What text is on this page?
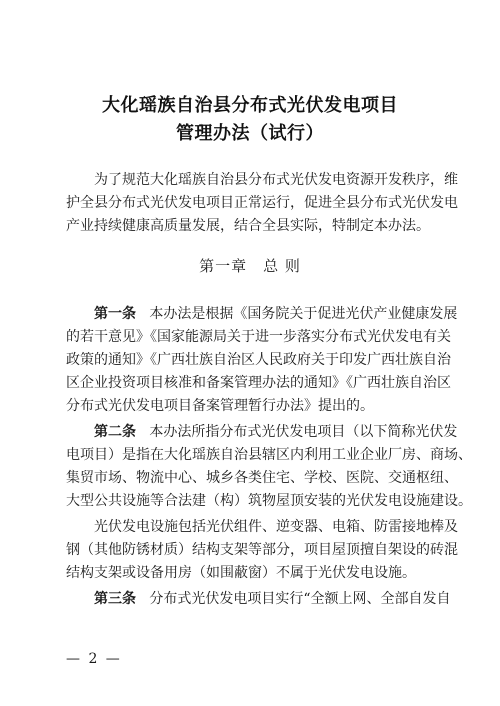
大化瑶族自治县分布式光伏发电项目
管理办法（试行）
为了规范大化瑶族自治县分布式光伏发电资源开发秩序，维
护全县分布式光伏发电项目正常运行，促进全县分布式光伏发电
产业持续健康高质量发展，结合全县实际，特制定本办法。
第一章　总 则
第一条 本办法是根据《国务院关于促进光伏产业健康发展
的若干意见》《国家能源局关于进一步落实分布式光伏发电有关
政策的通知》《广西壮族自治区人民政府关于印发广西壮族自治
区企业投资项目核准和备案管理办法的通知》《广西壮族自治区
分布式光伏发电项目备案管理暂行办法》提出的。
第二条 本办法所指分布式光伏发电项目（以下简称光伏发
电项目）是指在大化瑶族自治县辖区内利用工业企业厂房、商场、
集贸市场、物流中心、城乡各类住宅、学校、医院、交通枢纽、
大型公共设施等合法建（构）筑物屋顶安装的光伏发电设施建设。
光伏发电设施包括光伏组件、逆变器、电箱、防雷接地棒及
钢（其他防锈材质）结构支架等部分，项目屋顶擅自架设的砖混
结构支架或设备用房（如围蔽窗）不属于光伏发电设施。
第三条 分布式光伏发电项目实行“全额上网、全部自发自
— 2 —
